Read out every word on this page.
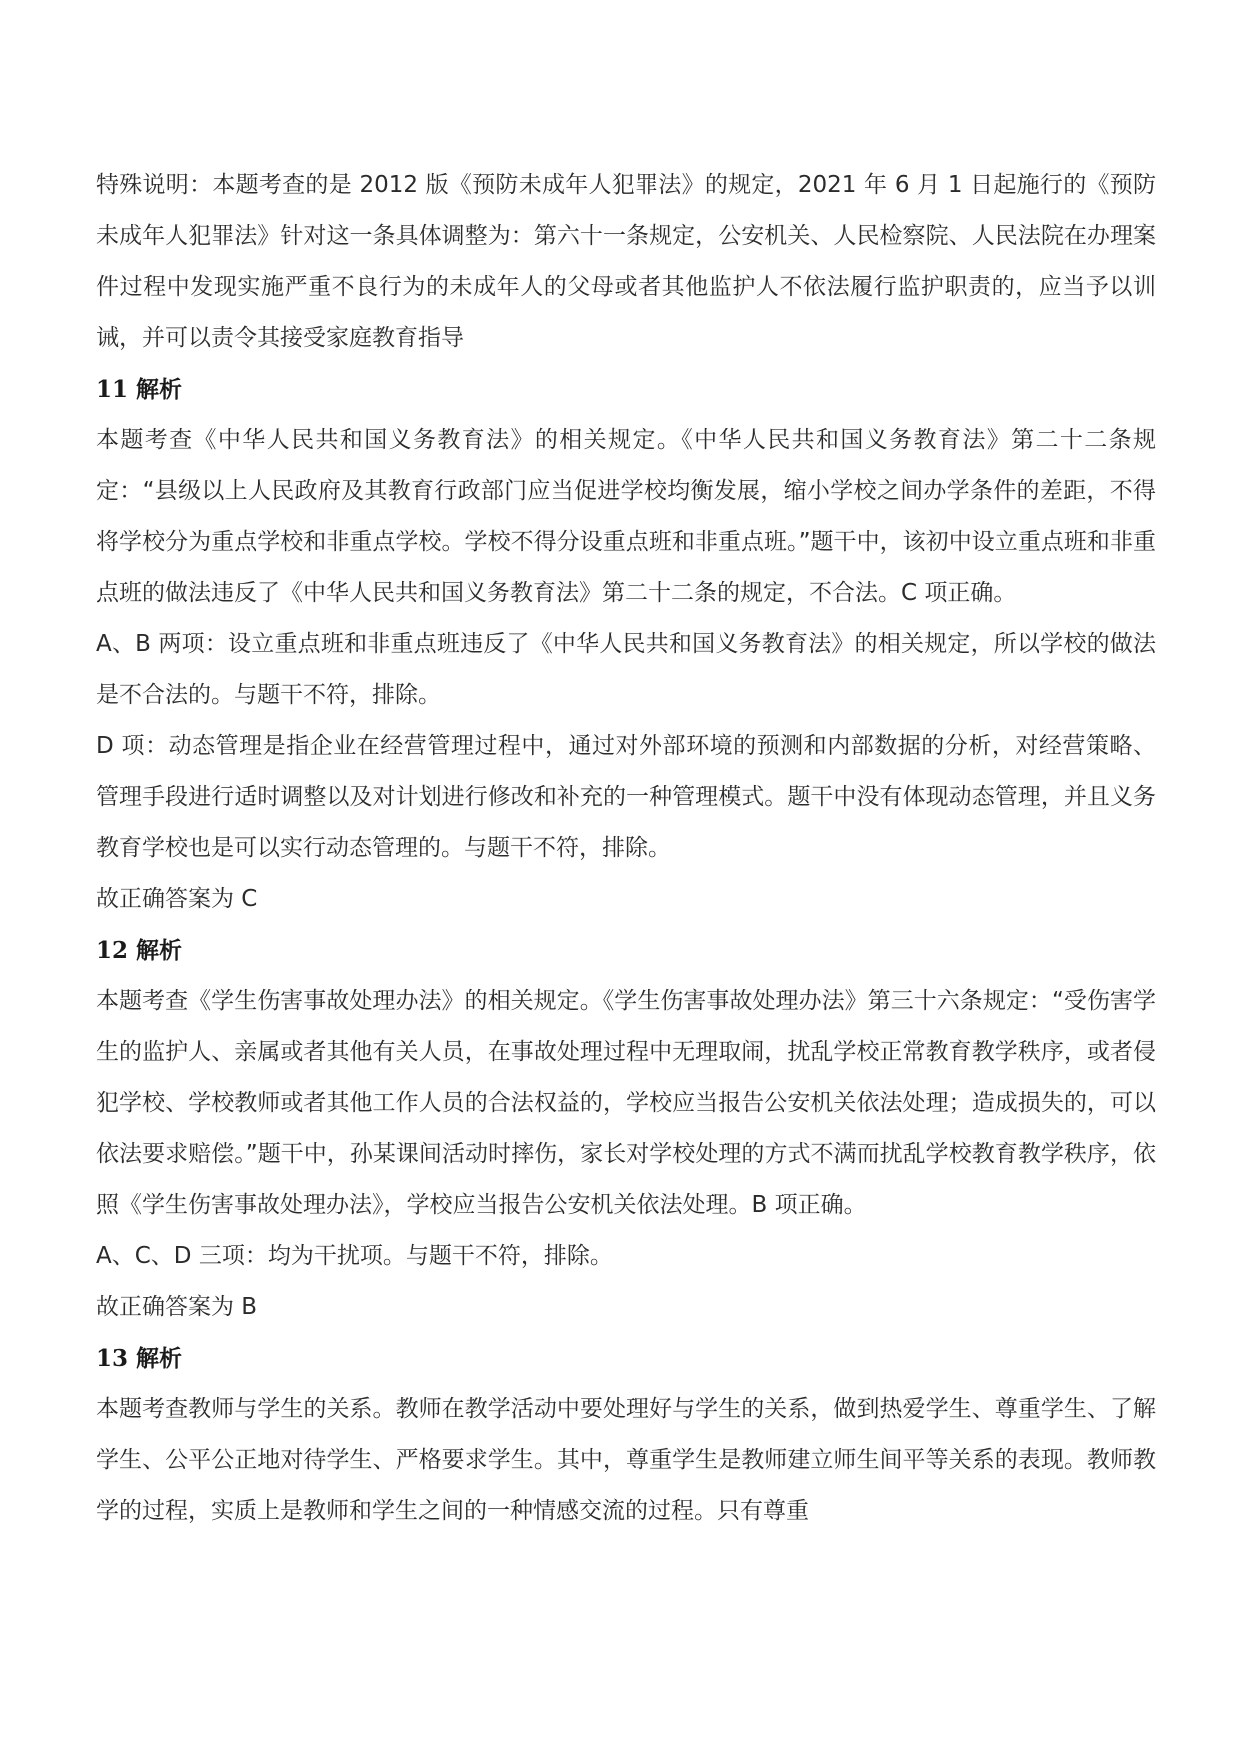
特殊说明：本题考查的是 2012 版《预防未成年人犯罪法》的规定，2021 年 6 月 1 日起施行的《预防未成年人犯罪法》针对这一条具体调整为：第六十一条规定，公安机关、人民检察院、人民法院在办理案件过程中发现实施严重不良行为的未成年人的父母或者其他监护人不依法履行监护职责的，应当予以训诫，并可以责令其接受家庭教育指导

11 解析

本题考查《中华人民共和国义务教育法》的相关规定。《中华人民共和国义务教育法》第二十二条规定：“县级以上人民政府及其教育行政部门应当促进学校均衡发展，缩小学校之间办学条件的差距，不得将学校分为重点学校和非重点学校。学校不得分设重点班和非重点班。”题干中，该初中设立重点班和非重点班的做法违反了《中华人民共和国义务教育法》第二十二条的规定，不合法。C 项正确。

A、B 两项：设立重点班和非重点班违反了《中华人民共和国义务教育法》的相关规定，所以学校的做法是不合法的。与题干不符，排除。

D 项：动态管理是指企业在经营管理过程中，通过对外部环境的预测和内部数据的分析，对经营策略、管理手段进行适时调整以及对计划进行修改和补充的一种管理模式。题干中没有体现动态管理，并且义务教育学校也是可以实行动态管理的。与题干不符，排除。

故正确答案为 C

12 解析

本题考查《学生伤害事故处理办法》的相关规定。《学生伤害事故处理办法》第三十六条规定：“受伤害学生的监护人、亲属或者其他有关人员，在事故处理过程中无理取闹，扰乱学校正常教育教学秩序，或者侵犯学校、学校教师或者其他工作人员的合法权益的，学校应当报告公安机关依法处理；造成损失的，可以依法要求赔偿。”题干中，孙某课间活动时摔伤，家长对学校处理的方式不满而扰乱学校教育教学秩序，依照《学生伤害事故处理办法》，学校应当报告公安机关依法处理。B 项正确。

A、C、D 三项：均为干扰项。与题干不符，排除。

故正确答案为 B

13 解析

本题考查教师与学生的关系。教师在教学活动中要处理好与学生的关系，做到热爱学生、尊重学生、了解学生、公平公正地对待学生、严格要求学生。其中，尊重学生是教师建立师生间平等关系的表现。教师教学的过程，实质上是教师和学生之间的一种情感交流的过程。只有尊重
